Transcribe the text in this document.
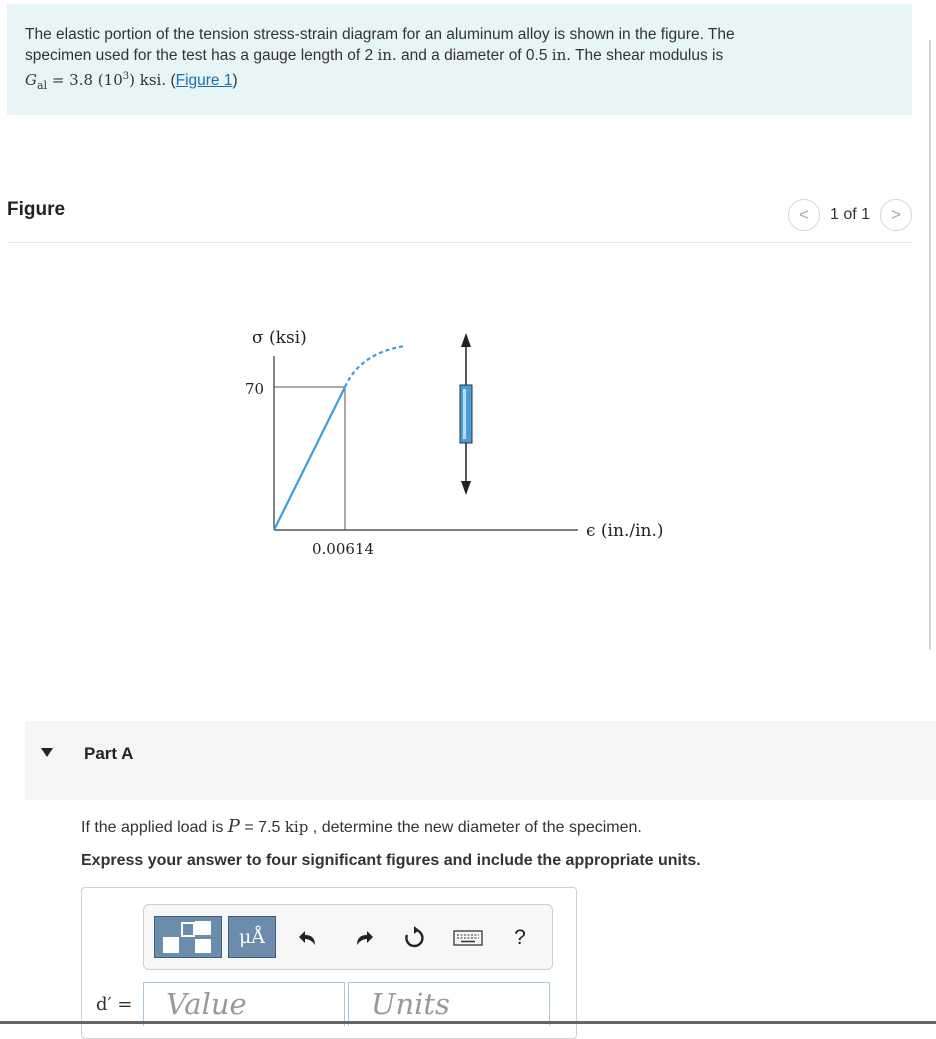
The elastic portion of the tension stress-strain diagram for an aluminum alloy is shown in the figure. The
specimen used for the test has a gauge length of 2 in. and a diameter of 0.5 in. The shear modulus is
$G_{al} = 3.8$ $(10^3)$ ksi. (Figure 1)
Figure	< 1 of 1 >
σ (ksi)
ϵ (in./in.)
70
0.00614
Part A
If the applied load is P = 7.5 kip , determine the new diameter of the specimen.
Express your answer to four significant figures and include the appropriate units.
μÅ	?
d′ =	Value	Units
